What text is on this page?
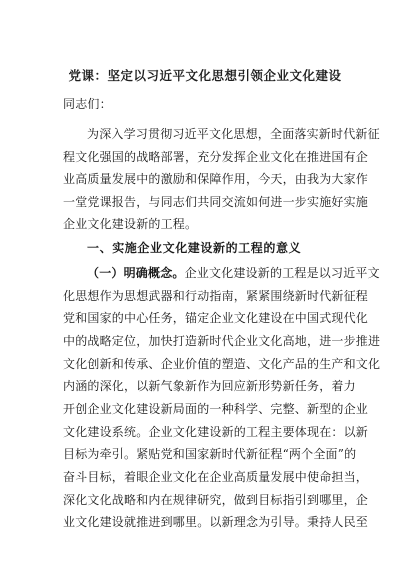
党课：坚定以习近平文化思想引领企业文化建设
同志们：
为深入学习贯彻习近平文化思想，全面落实新时代新征
程文化强国的战略部署，充分发挥企业文化在推进国有企
业高质量发展中的激励和保障作用，今天，由我为大家作
一堂党课报告，与同志们共同交流如何进一步实施好实施
企业文化建设新的工程。
一、实施企业文化建设新的工程的意义
（一）明确概念。企业文化建设新的工程是以习近平文
化思想作为思想武器和行动指南，紧紧围绕新时代新征程
党和国家的中心任务，锚定企业文化建设在中国式现代化
中的战略定位，加快打造新时代企业文化高地，进一步推进
文化创新和传承、企业价值的塑造、文化产品的生产和文化
内涵的深化，以新气象新作为回应新形势新任务，着力
开创企业文化建设新局面的一种科学、完整、新型的企业
文化建设系统。企业文化建设新的工程主要体现在：以新
目标为牵引。紧贴党和国家新时代新征程“两个全面”的
奋斗目标，着眼企业文化在企业高质量发展中使命担当，
深化文化战略和内在规律研究，做到目标指引到哪里，企
业文化建设就推进到哪里。以新理念为引导。秉持人民至
